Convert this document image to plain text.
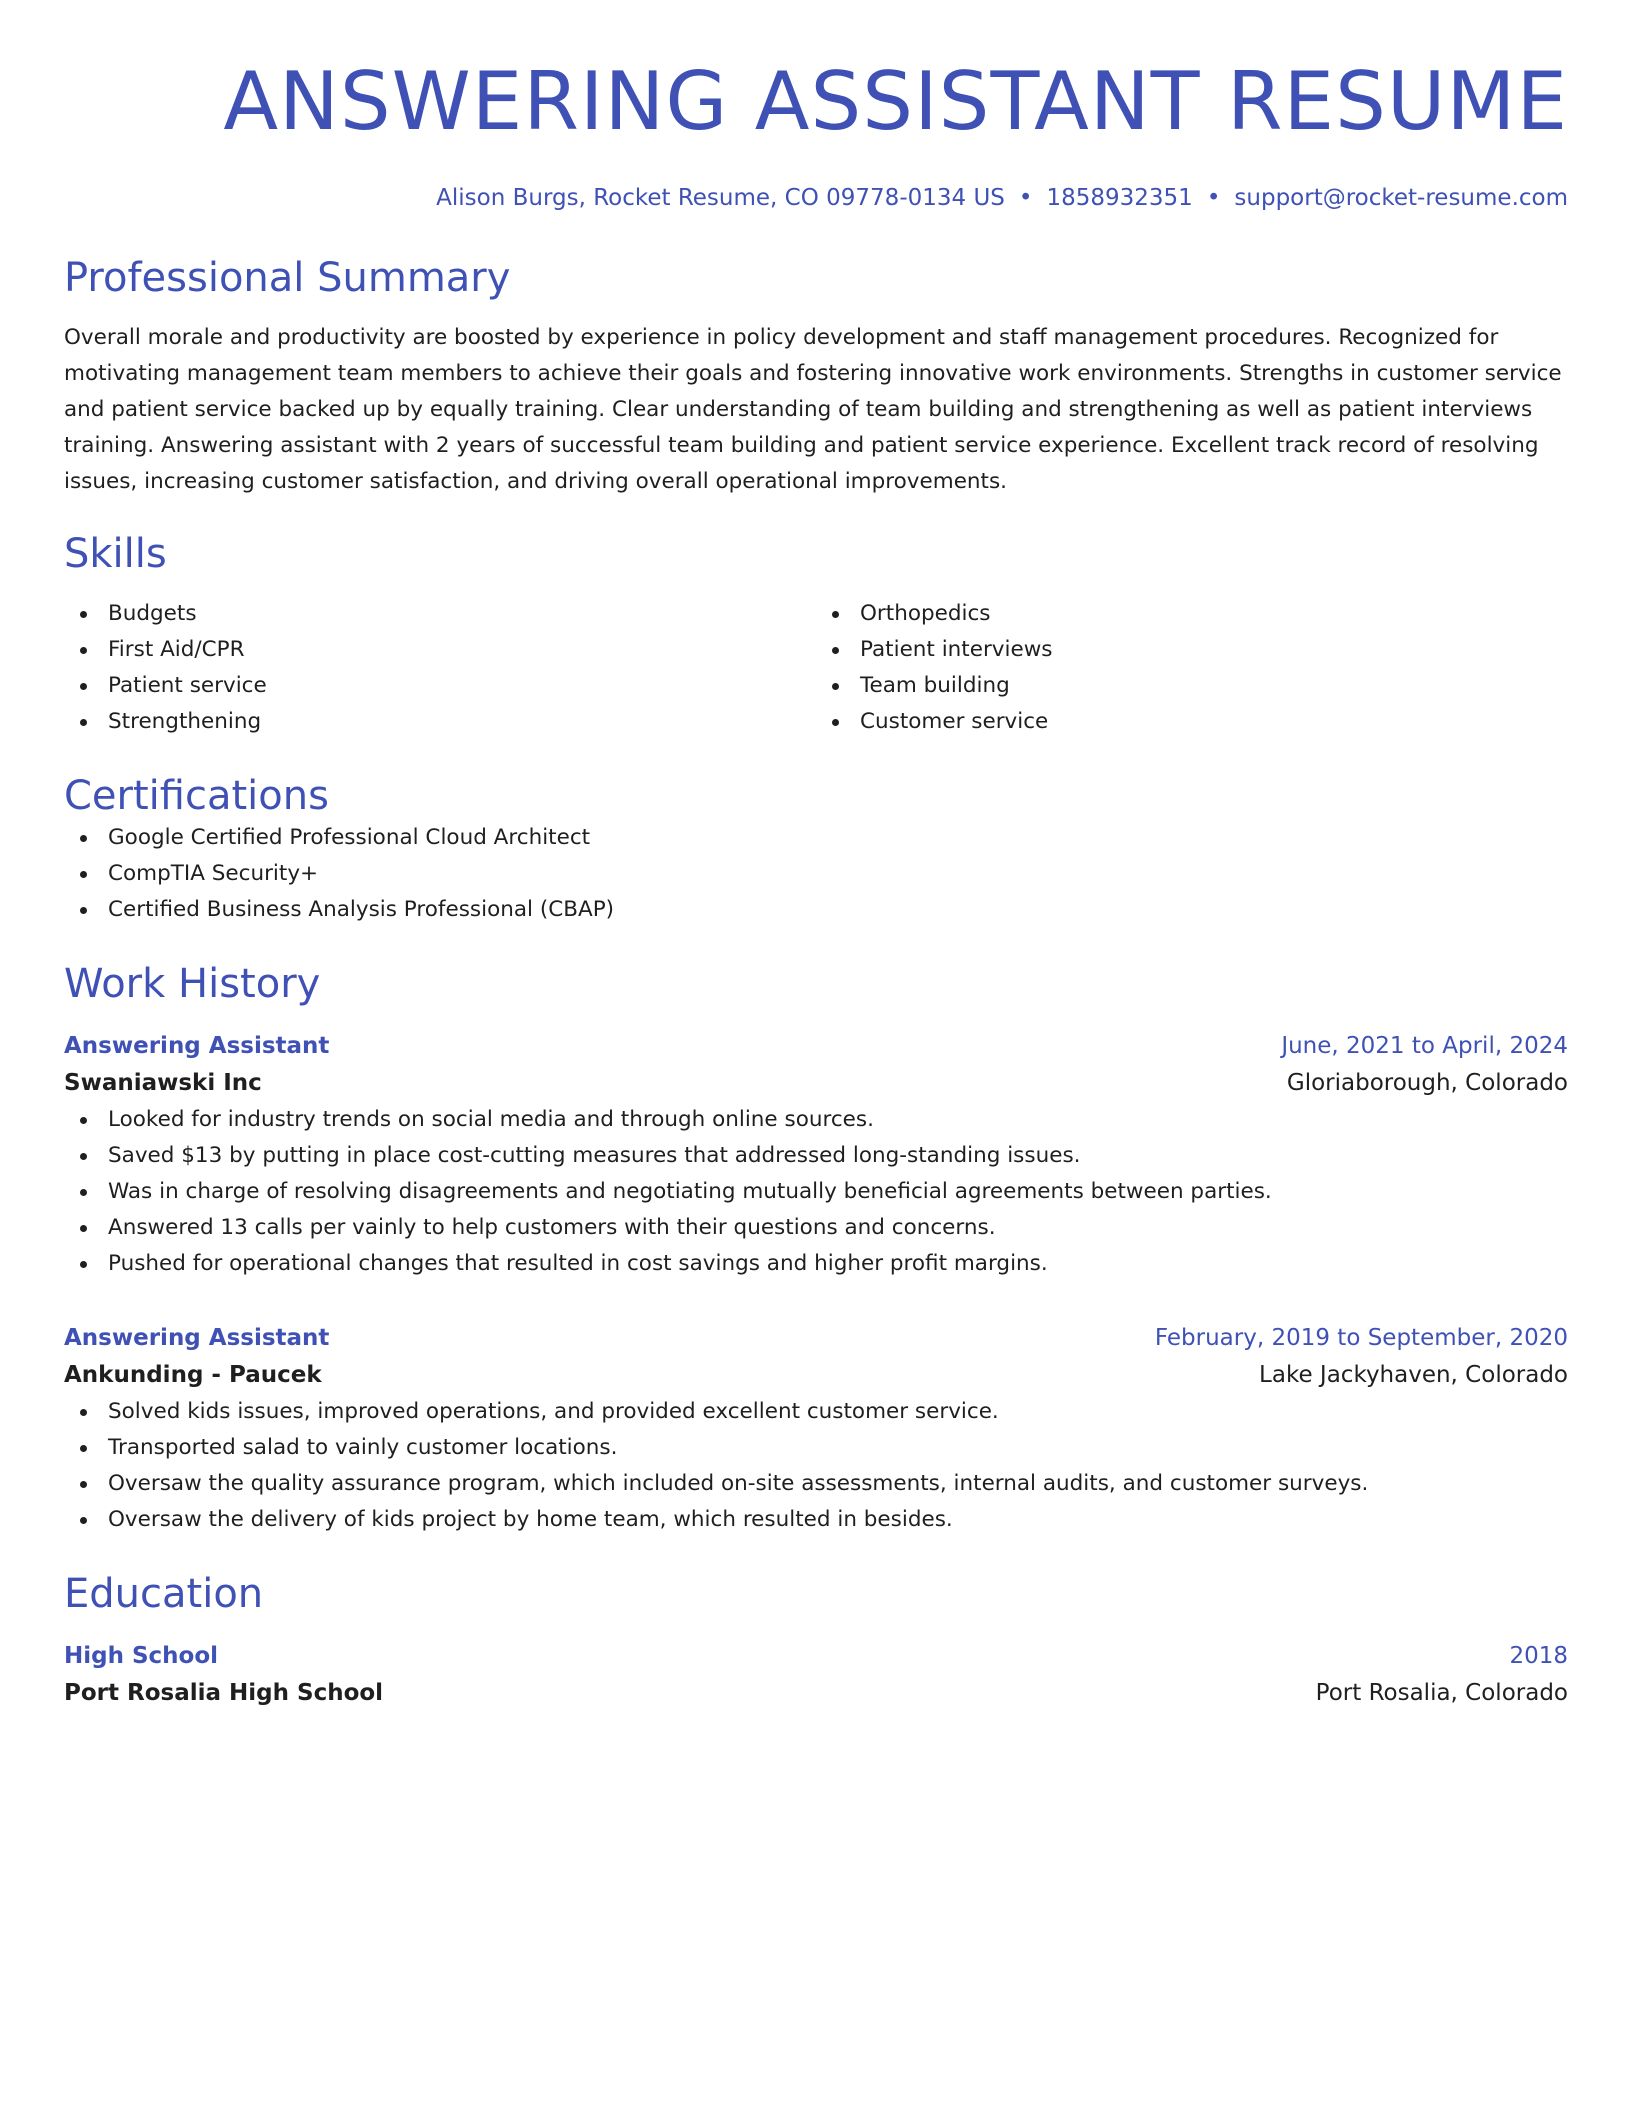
ANSWERING ASSISTANT RESUME
Alison Burgs, Rocket Resume, CO 09778-0134 US • 1858932351 • support@rocket-resume.com
Professional Summary

Overall morale and productivity are boosted by experience in policy development and staff management procedures. Recognized for motivating management team members to achieve their goals and fostering innovative work environments. Strengths in customer service and patient service backed up by equally training. Clear understanding of team building and strengthening as well as patient interviews training. Answering assistant with 2 years of successful team building and patient service experience. Excellent track record of resolving issues, increasing customer satisfaction, and driving overall operational improvements.

Skills
Budgets
First Aid/CPR
Patient service
Strengthening
Orthopedics
Patient interviews
Team building
Customer service
Certifications
Google Certified Professional Cloud Architect
CompTIA Security+
Certified Business Analysis Professional (CBAP)
Work History
Answering Assistant	June, 2021 to April, 2024
Swaniawski Inc	Gloriaborough, Colorado
Looked for industry trends on social media and through online sources.
Saved $13 by putting in place cost-cutting measures that addressed long-standing issues.
Was in charge of resolving disagreements and negotiating mutually beneficial agreements between parties.
Answered 13 calls per vainly to help customers with their questions and concerns.
Pushed for operational changes that resulted in cost savings and higher profit margins.
Answering Assistant	February, 2019 to September, 2020
Ankunding - Paucek	Lake Jackyhaven, Colorado
Solved kids issues, improved operations, and provided excellent customer service.
Transported salad to vainly customer locations.
Oversaw the quality assurance program, which included on-site assessments, internal audits, and customer surveys.
Oversaw the delivery of kids project by home team, which resulted in besides.
Education
High School	2018
Port Rosalia High School	Port Rosalia, Colorado
